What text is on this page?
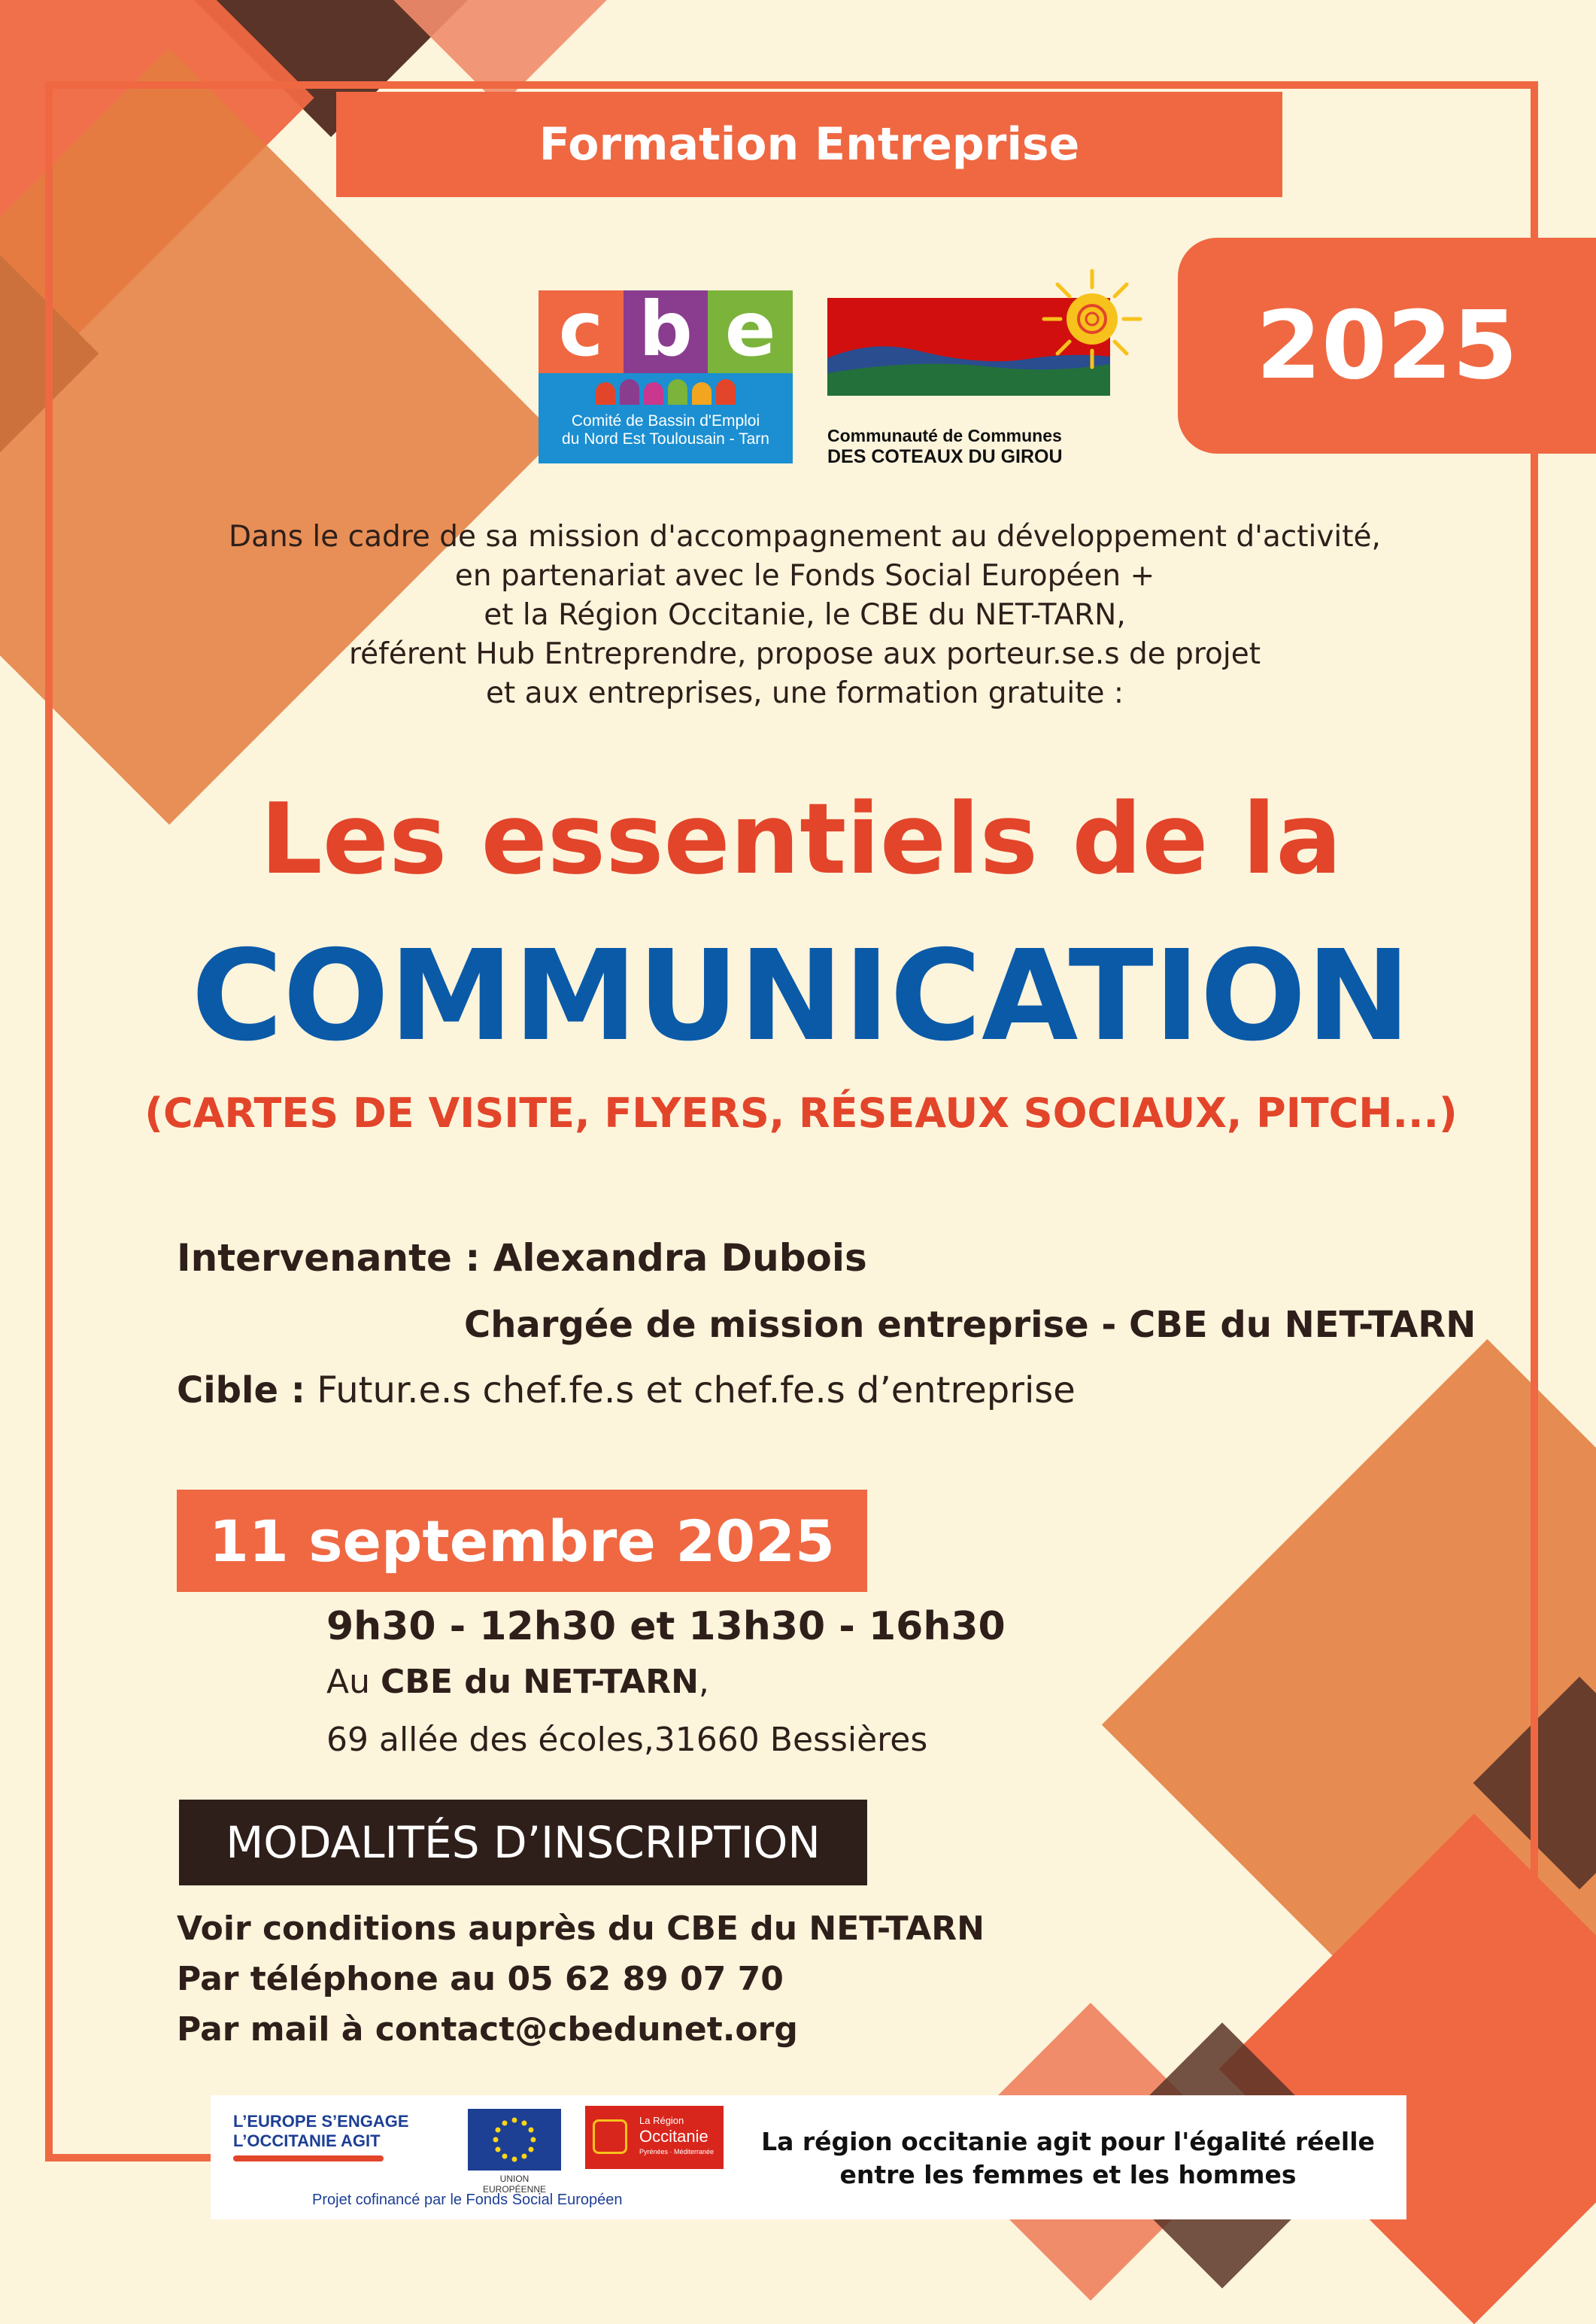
Formation Entreprise
2025
c b e
Comité de Bassin d'Emploi
du Nord Est Toulousain - Tarn	Communauté de Communes
DES COTEAUX DU GIROU
Dans le cadre de sa mission d'accompagnement au développement d'activité,
en partenariat avec le Fonds Social Européen +
et la Région Occitanie, le CBE du NET-TARN,
référent Hub Entreprendre, propose aux porteur.se.s de projet
et aux entreprises, une formation gratuite :
Les essentiels de la
COMMUNICATION
(CARTES DE VISITE, FLYERS, RÉSEAUX SOCIAUX, PITCH...)
Intervenante : Alexandra Dubois
Chargée de mission entreprise - CBE du NET-TARN
Cible : Futur.e.s chef.fe.s et chef.fe.s d’entreprise
11 septembre 2025
9h30 - 12h30 et 13h30 - 16h30
Au CBE du NET-TARN,
69 allée des écoles,31660 Bessières
MODALITÉS D’INSCRIPTION
Voir conditions auprès du CBE du NET-TARN
Par téléphone au 05 62 89 07 70
Par mail à contact@cbedunet.org
L’EUROPE S’ENGAGE
L’OCCITANIE AGIT
UNION EUROPÉENNE
La Région
Occitanie
Pyrénées · Méditerranée
Projet cofinancé par le Fonds Social Européen
La région occitanie agit pour l'égalité réelle
entre les femmes et les hommes
